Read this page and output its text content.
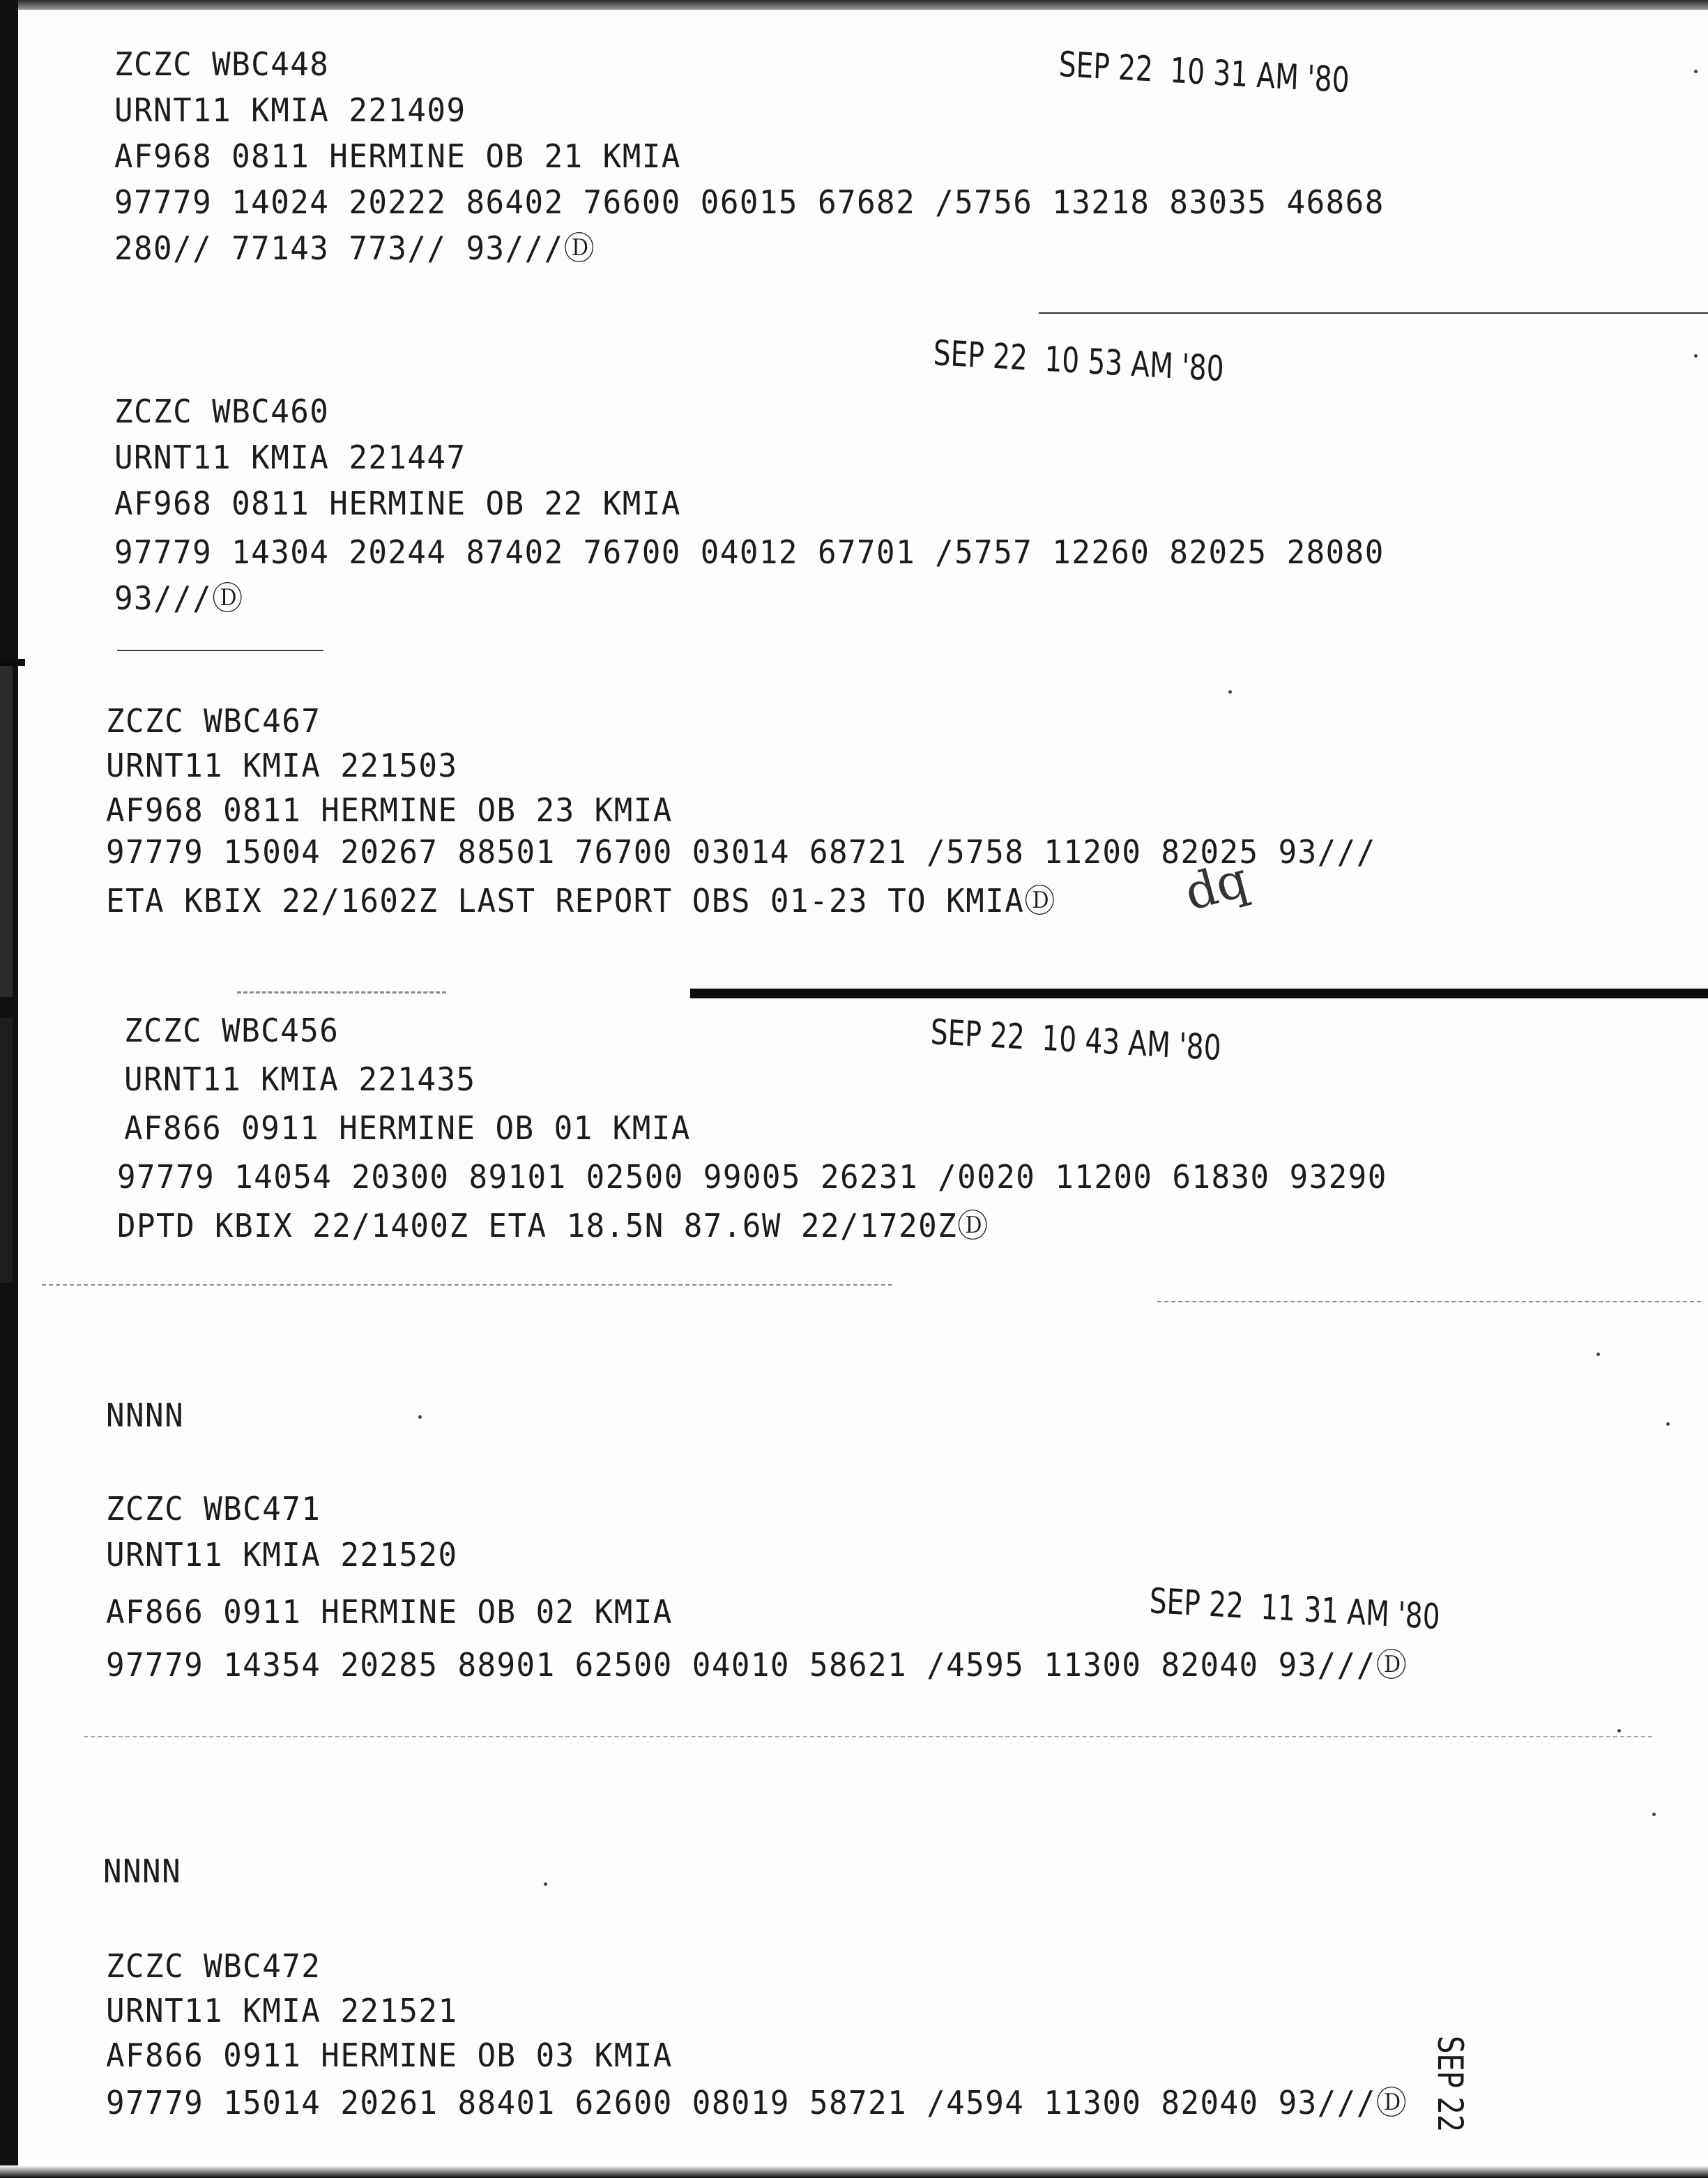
ZCZC WBC448
URNT11 KMIA 221409
AF968 0811 HERMINE OB 21 KMIA
97779 14024 20222 86402 76600 06015 67682 /5756 13218 83035 46868
280// 77143 773// 93///Ⓓ
SEP 22  10 31 AM '80
ZCZC WBC460
URNT11 KMIA 221447
AF968 0811 HERMINE OB 22 KMIA
97779 14304 20244 87402 76700 04012 67701 /5757 12260 82025 28080
93///Ⓓ
SEP 22  10 53 AM '80
ZCZC WBC467
URNT11 KMIA 221503
AF968 0811 HERMINE OB 23 KMIA
97779 15004 20267 88501 76700 03014 68721 /5758 11200 82025 93///
ETA KBIX 22/1602Z LAST REPORT OBS 01-23 TO KMIAⒹ	dq
ZCZC WBC456
URNT11 KMIA 221435
AF866 0911 HERMINE OB 01 KMIA
97779 14054 20300 89101 02500 99005 26231 /0020 11200 61830 93290
DPTD KBIX 22/1400Z ETA 18.5N 87.6W 22/1720ZⒹ
SEP 22  10 43 AM '80
NNNN
ZCZC WBC471
URNT11 KMIA 221520
AF866 0911 HERMINE OB 02 KMIA
97779 14354 20285 88901 62500 04010 58621 /4595 11300 82040 93///Ⓓ
SEP 22  11 31 AM '80
NNNN
ZCZC WBC472
URNT11 KMIA 221521
AF866 0911 HERMINE OB 03 KMIA
97779 15014 20261 88401 62600 08019 58721 /4594 11300 82040 93///Ⓓ SEP 22
